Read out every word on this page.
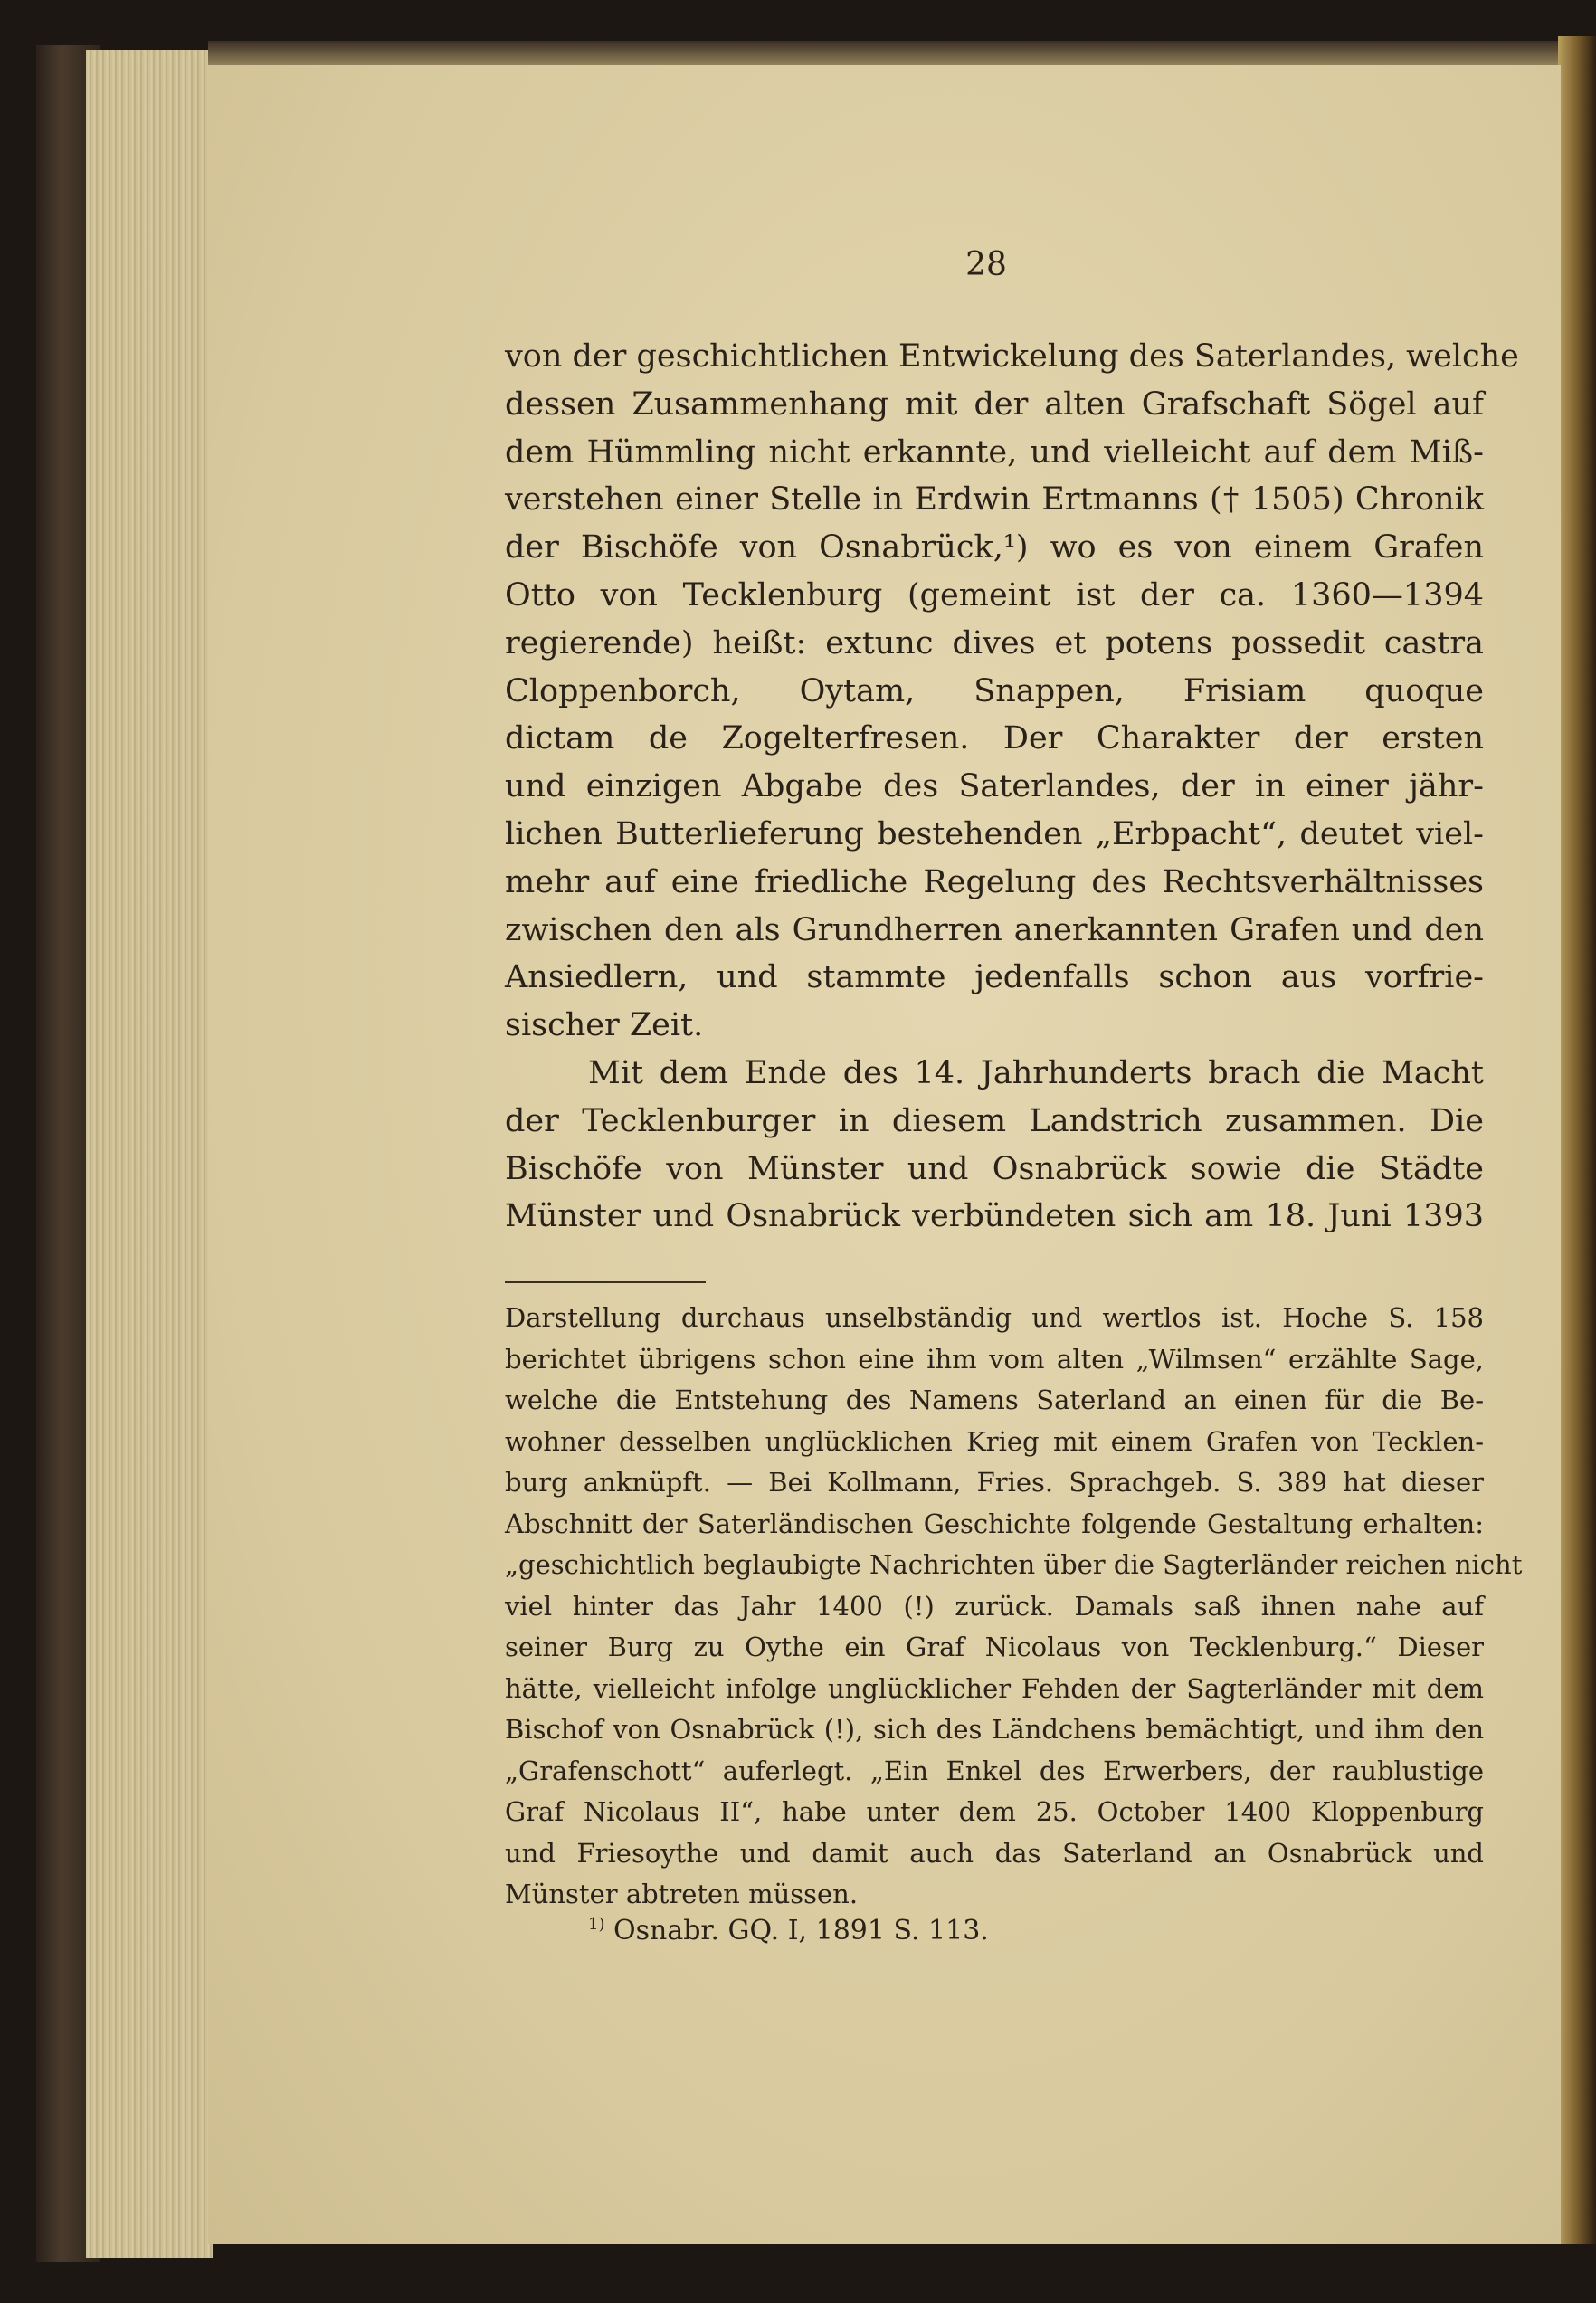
28
von der geschichtlichen Entwickelung des Saterlandes, welche
dessen Zusammenhang mit der alten Grafschaft Sögel auf
dem Hümmling nicht erkannte, und vielleicht auf dem Miß-
verstehen einer Stelle in Erdwin Ertmanns († 1505) Chronik
der Bischöfe von Osnabrück,¹) wo es von einem Grafen
Otto von Tecklenburg (gemeint ist der ca. 1360—1394
regierende) heißt: extunc dives et potens possedit castra
Cloppenborch, Oytam, Snappen, Frisiam quoque
dictam de Zogelterfresen. Der Charakter der ersten
und einzigen Abgabe des Saterlandes, der in einer jähr-
lichen Butterlieferung bestehenden „Erbpacht“, deutet viel-
mehr auf eine friedliche Regelung des Rechtsverhältnisses
zwischen den als Grundherren anerkannten Grafen und den
Ansiedlern, und stammte jedenfalls schon aus vorfrie-
sischer Zeit.
Mit dem Ende des 14. Jahrhunderts brach die Macht
der Tecklenburger in diesem Landstrich zusammen. Die
Bischöfe von Münster und Osnabrück sowie die Städte
Münster und Osnabrück verbündeten sich am 18. Juni 1393
Darstellung durchaus unselbständig und wertlos ist. Hoche S. 158
berichtet übrigens schon eine ihm vom alten „Wilmsen“ erzählte Sage,
welche die Entstehung des Namens Saterland an einen für die Be-
wohner desselben unglücklichen Krieg mit einem Grafen von Tecklen-
burg anknüpft. — Bei Kollmann, Fries. Sprachgeb. S. 389 hat dieser
Abschnitt der Saterländischen Geschichte folgende Gestaltung erhalten:
„geschichtlich beglaubigte Nachrichten über die Sagterländer reichen nicht
viel hinter das Jahr 1400 (!) zurück. Damals saß ihnen nahe auf
seiner Burg zu Oythe ein Graf Nicolaus von Tecklenburg.“ Dieser
hätte, vielleicht infolge unglücklicher Fehden der Sagterländer mit dem
Bischof von Osnabrück (!), sich des Ländchens bemächtigt, und ihm den
„Grafenschott“ auferlegt. „Ein Enkel des Erwerbers, der raublustige
Graf Nicolaus II“, habe unter dem 25. October 1400 Kloppenburg
und Friesoythe und damit auch das Saterland an Osnabrück und
Münster abtreten müssen.
$^{1)}$ Osnabr. GQ. I, 1891 S. 113.
